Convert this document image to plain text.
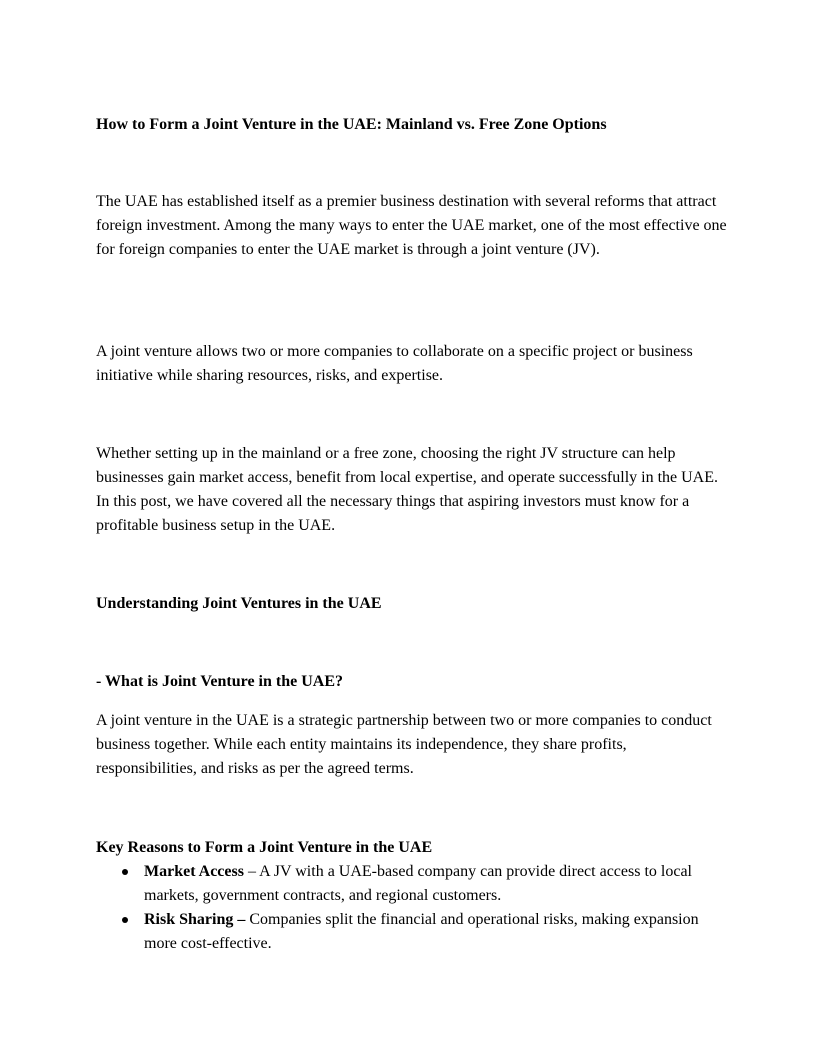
How to Form a Joint Venture in the UAE: Mainland vs. Free Zone Options

The UAE has established itself as a premier business destination with several reforms that attract foreign investment. Among the many ways to enter the UAE market, one of the most effective one for foreign companies to enter the UAE market is through a joint venture (JV).

A joint venture allows two or more companies to collaborate on a specific project or business initiative while sharing resources, risks, and expertise.

Whether setting up in the mainland or a free zone, choosing the right JV structure can help businesses gain market access, benefit from local expertise, and operate successfully in the UAE. In this post, we have covered all the necessary things that aspiring investors must know for a profitable business setup in the UAE.

Understanding Joint Ventures in the UAE

- What is Joint Venture in the UAE?

A joint venture in the UAE is a strategic partnership between two or more companies to conduct business together. While each entity maintains its independence, they share profits, responsibilities, and risks as per the agreed terms.

Key Reasons to Form a Joint Venture in the UAE

Market Access – A JV with a UAE-based company can provide direct access to local markets, government contracts, and regional customers.
Risk Sharing – Companies split the financial and operational risks, making expansion more cost-effective.
